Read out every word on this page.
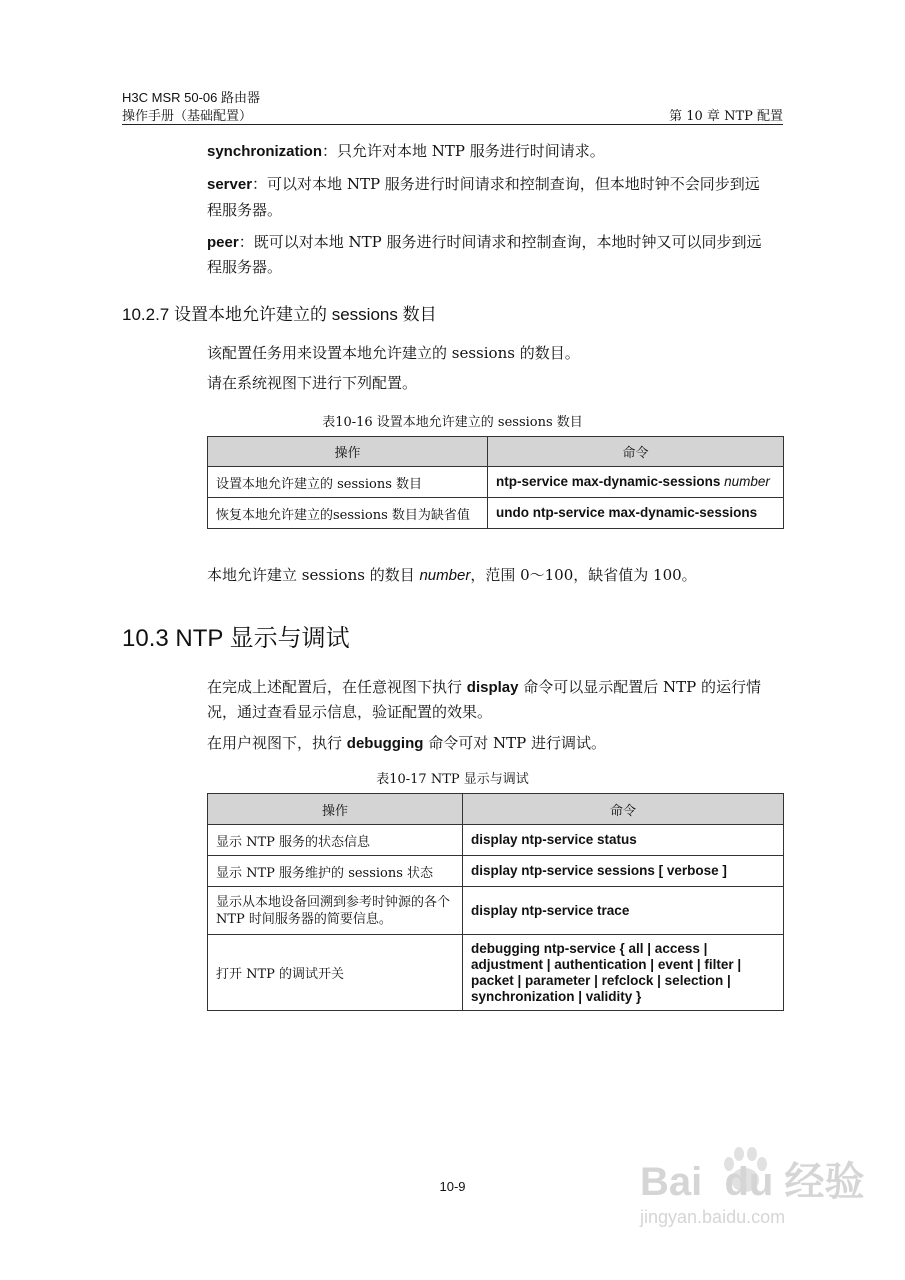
H3C MSR 50-06 路由器
操作手册（基础配置）	第 10 章 NTP 配置
synchronization：只允许对本地 NTP 服务进行时间请求。
server：可以对本地 NTP 服务进行时间请求和控制查询，但本地时钟不会同步到远
程服务器。
peer：既可以对本地 NTP 服务进行时间请求和控制查询，本地时钟又可以同步到远
程服务器。
10.2.7 设置本地允许建立的 sessions 数目
该配置任务用来设置本地允许建立的 sessions 的数目。
请在系统视图下进行下列配置。
表10-16 设置本地允许建立的 sessions 数目
操作	命令
设置本地允许建立的 sessions 数目	ntp-service max-dynamic-sessions number
恢复本地允许建立的sessions 数目为缺省值	undo ntp-service max-dynamic-sessions
本地允许建立 sessions 的数目 number，范围 0～100，缺省值为 100。
10.3 NTP 显示与调试
在完成上述配置后，在任意视图下执行 display 命令可以显示配置后 NTP 的运行情
况，通过查看显示信息，验证配置的效果。
在用户视图下，执行 debugging 命令可对 NTP 进行调试。
表10-17 NTP 显示与调试
操作	命令
显示 NTP 服务的状态信息	display ntp-service status
显示 NTP 服务维护的 sessions 状态	display ntp-service sessions [ verbose ]
显示从本地设备回溯到参考时钟源的各个 NTP 时间服务器的简要信息。	display ntp-service trace
打开 NTP 的调试开关	debugging ntp-service { all | access | adjustment | authentication | event | filter | packet | parameter | refclock | selection | synchronization | validity }
10-9	Bai_du 经验
jingyan.baidu.com
